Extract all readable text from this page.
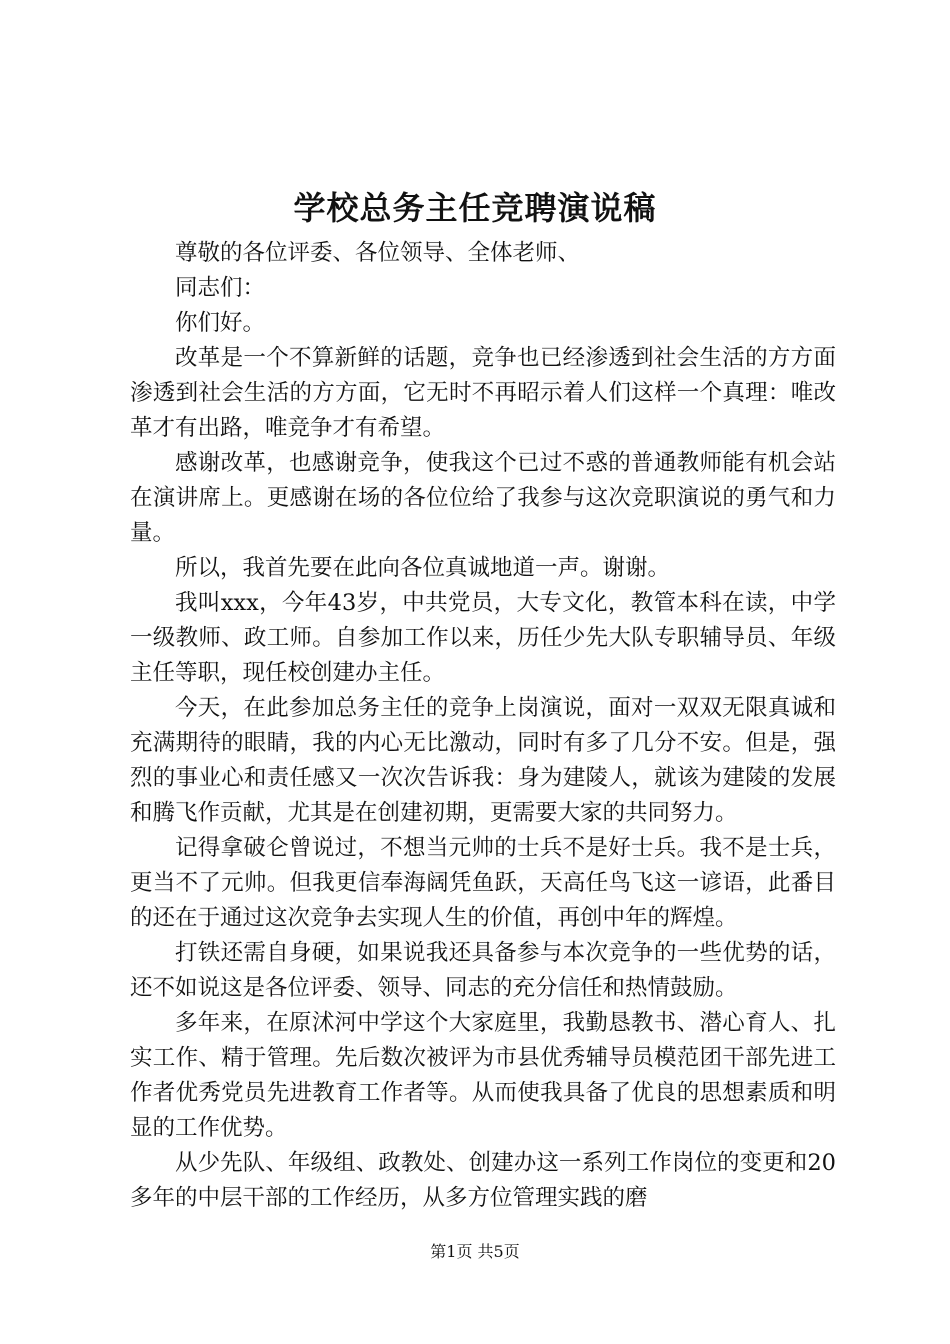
学校总务主任竞聘演说稿

尊敬的各位评委、各位领导、全体老师、

同志们：

你们好。

改革是一个不算新鲜的话题，竞争也已经渗透到社会生活的方方面渗透到社会生活的方方面，它无时不再昭示着人们这样一个真理：唯改革才有出路，唯竞争才有希望。

感谢改革，也感谢竞争，使我这个已过不惑的普通教师能有机会站在演讲席上。更感谢在场的各位位给了我参与这次竞职演说的勇气和力量。

所以，我首先要在此向各位真诚地道一声。谢谢。

我叫xxx，今年43岁，中共党员，大专文化，教管本科在读，中学一级教师、政工师。自参加工作以来，历任少先大队专职辅导员、年级主任等职，现任校创建办主任。

今天，在此参加总务主任的竞争上岗演说，面对一双双无限真诚和充满期待的眼睛，我的内心无比激动，同时有多了几分不安。但是，强烈的事业心和责任感又一次次告诉我：身为建陵人，就该为建陵的发展和腾飞作贡献，尤其是在创建初期，更需要大家的共同努力。

记得拿破仑曾说过，不想当元帅的士兵不是好士兵。我不是士兵，更当不了元帅。但我更信奉海阔凭鱼跃，天高任鸟飞这一谚语，此番目的还在于通过这次竞争去实现人生的价值，再创中年的辉煌。

打铁还需自身硬，如果说我还具备参与本次竞争的一些优势的话，还不如说这是各位评委、领导、同志的充分信任和热情鼓励。

多年来，在原沭河中学这个大家庭里，我勤恳教书、潜心育人、扎实工作、精于管理。先后数次被评为市县优秀辅导员模范团干部先进工作者优秀党员先进教育工作者等。从而使我具备了优良的思想素质和明显的工作优势。

从少先队、年级组、政教处、创建办这一系列工作岗位的变更和20多年的中层干部的工作经历，从多方位管理实践的磨

第1页 共5页
